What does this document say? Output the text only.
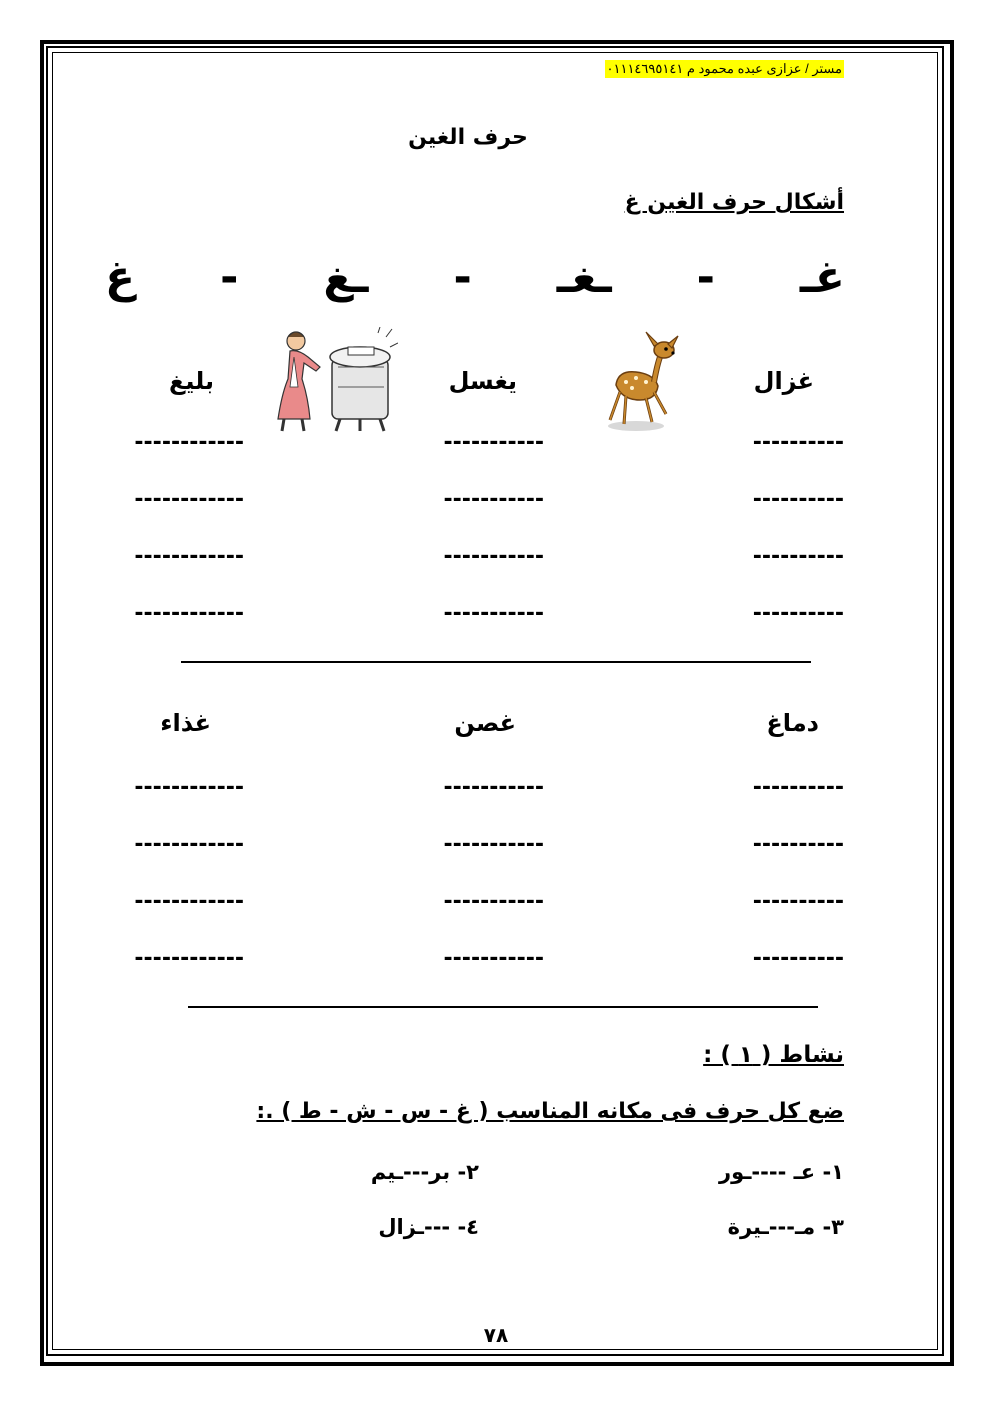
مستر / عزازى عبده محمود م ٠١١١٤٦٩٥١٤١
حرف الغين
أشكال حرف الغين غ
غـ
-
ـغـ
-
ـغ
-
غ
غزال
يغسل
بليغ
----------
-----------
------------
----------
-----------
------------
----------
-----------
------------
----------
-----------
------------
دماغ
غصن
غذاء
----------
-----------
------------
----------
-----------
------------
----------
-----------
------------
----------
-----------
------------
نشاط ( ١ ) :
ضع كل حرف فى مكانه المناسب ( غ - س - ش - ط ) .:
١- عـ ----ـور
٢- بر---ـيم
٣- مـ---ـيرة
٤- ---ـزال
٧٨
